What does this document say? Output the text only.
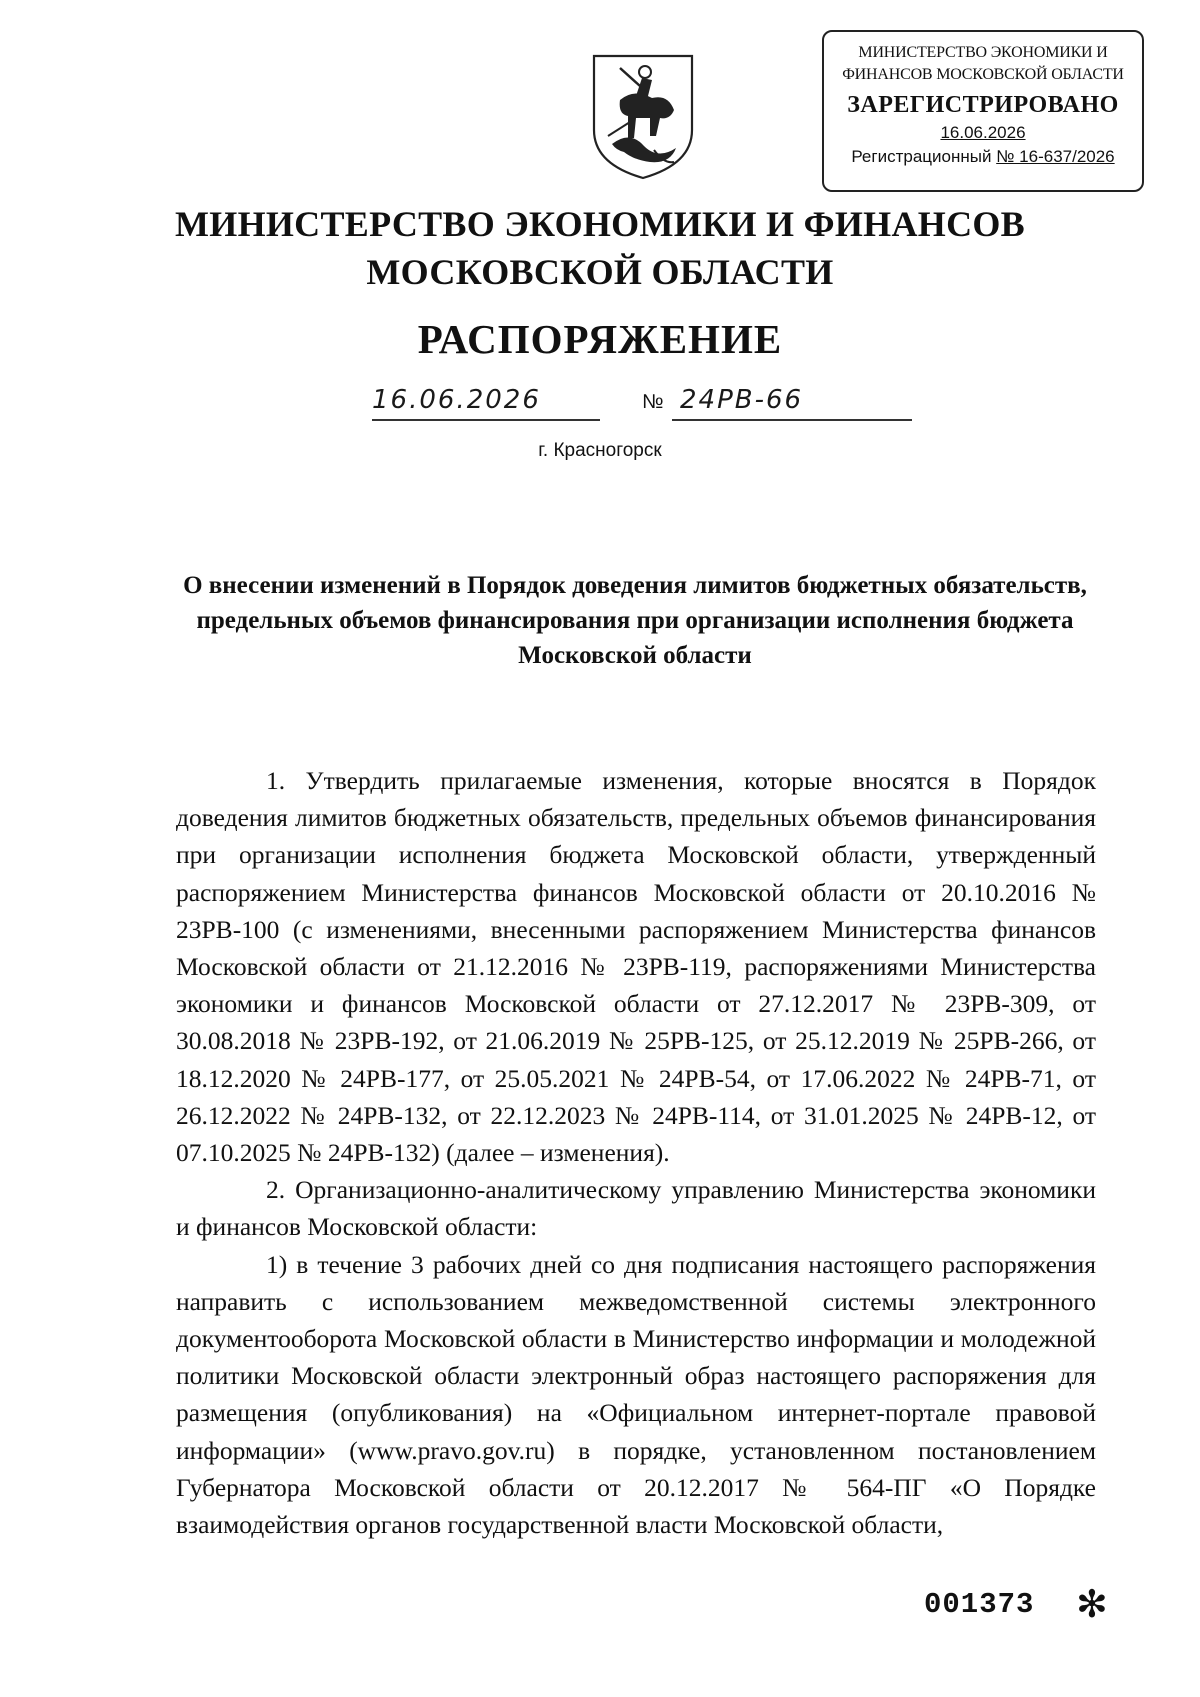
МИНИСТЕРСТВО ЭКОНОМИКИ И
ФИНАНСОВ МОСКОВСКОЙ ОБЛАСТИ
ЗАРЕГИСТРИРОВАНО
16.06.2026
Регистрационный № 16-637/2026
МИНИСТЕРСТВО ЭКОНОМИКИ И ФИНАНСОВ
МОСКОВСКОЙ ОБЛАСТИ
РАСПОРЯЖЕНИЕ
16.06.2026	№ 24РВ-66
г. Красногорск
О внесении изменений в Порядок доведения лимитов бюджетных обязательств, предельных объемов финансирования при организации исполнения бюджета Московской области

1. Утвердить прилагаемые изменения, которые вносятся в Порядок доведения лимитов бюджетных обязательств, предельных объемов финансирования при организации исполнения бюджета Московской области, утвержденный распоряжением Министерства финансов Московской области от 20.10.2016 № 23РВ-100 (с изменениями, внесенными распоряжением Министерства финансов Московской области от 21.12.2016 № 23РВ-119, распоряжениями Министерства экономики и финансов Московской области от 27.12.2017 № 23РВ-309, от 30.08.2018 № 23РВ-192, от 21.06.2019 № 25РВ-125, от 25.12.2019 № 25РВ-266, от 18.12.2020 № 24РВ-177, от 25.05.2021 № 24РВ-54, от 17.06.2022 № 24РВ-71, от 26.12.2022 № 24РВ-132, от 22.12.2023 № 24РВ-114, от 31.01.2025 № 24РВ-12, от 07.10.2025 № 24РВ-132) (далее – изменения).

2. Организационно-аналитическому управлению Министерства экономики и финансов Московской области:

1) в течение 3 рабочих дней со дня подписания настоящего распоряжения направить с использованием межведомственной системы электронного документооборота Московской области в Министерство информации и молодежной политики Московской области электронный образ настоящего распоряжения для размещения (опубликования) на «Официальном интернет-портале правовой информации» (www.pravo.gov.ru) в порядке, установленном постановлением Губернатора Московской области от 20.12.2017 № 564-ПГ «О Порядке взаимодействия органов государственной власти Московской области,

001373 ✻
